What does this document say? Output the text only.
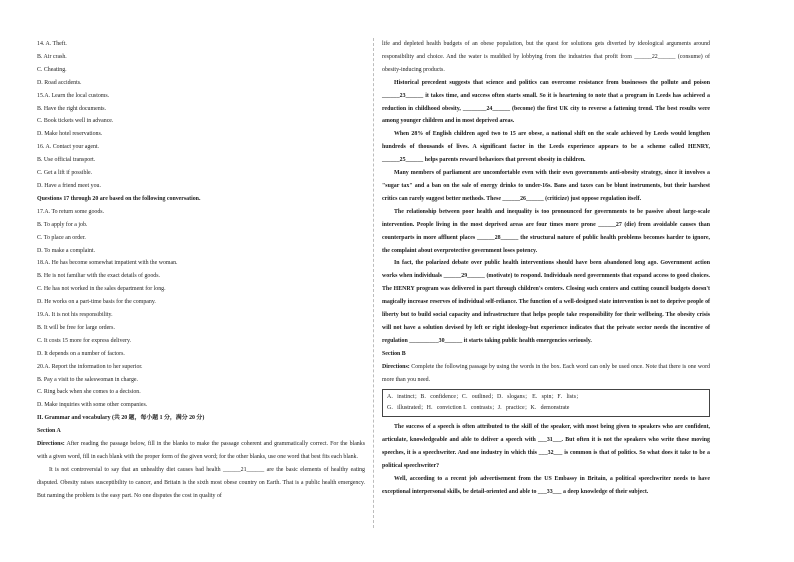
14. A. Theft.
B. Air crash.
C. Cheating.
D. Road accidents.
15.A. Learn the local customs.
B. Have the right documents.
C. Book tickets well in advance.
D. Make hotel reservations.
16. A. Contact your agent.
B. Use official transport.
C. Get a lift if possible.
D. Have a friend meet you.
Questions 17 through 20 are based on the following conversation.
17.A. To return some goods.
B. To apply for a job.
C. To place an order.
D. To make a complaint.
18.A. He has become somewhat impatient with the woman.
B. He is not familiar with the exact details of goods.
C. He has not worked in the sales department for long.
D. He works on a part-time basis for the company.
19.A. It is not his responsibility.
B. It will be free for large orders.
C. It costs 15 more for express delivery.
D. It depends on a number of factors.
20.A. Report the information to her superior.
B. Pay a visit to the saleswoman in charge.
C. Ring back when she comes to a decision.
D. Make inquiries with some other companies.
II. Grammar and vocabulary (共 20 题，每小题 1 分，满分 20 分)
Section A
Directions: After reading the passage below, fill in the blanks to make the passage coherent and grammatically correct. For the blanks with a given word, fill in each blank with the proper form of the given word; for the other blanks, use one word that best fits each blank.
It is not controversial to say that an unhealthy diet causes bad health ______21______ are the basic elements of healthy eating disputed. Obesity raises susceptibility to cancer, and Britain is the sixth most obese country on Earth. That is a public health emergency. But naming the problem is the easy part. No one disputes the cost in quality of
life and depleted health budgets of an obese population, but the quest for solutions gets diverted by ideological arguments around responsibility and choice. And the water is muddied by lobbying from the industries that profit from ______22______ (consume) of obesity-inducing products.
Historical precedent suggests that science and politics can overcome resistance from businesses the pollute and poison ______23______ it takes time, and success often starts small. So it is heartening to note that a program in Leeds has achieved a reduction in childhood obesity, ________24______ (become) the first UK city to reverse a fattening trend. The best results were among younger children and in most deprived areas.
When 28% of English children aged two to 15 are obese, a national shift on the scale achieved by Leeds would lengthen hundreds of thousands of lives. A significant factor in the Leeds experience appears to be a scheme called HENRY, ______25______ helps parents reward behaviors that prevent obesity in children.
Many members of parliament are uncomfortable even with their own governments anti-obesity strategy, since it involves a "sugar tax" and a ban on the sale of energy drinks to under-16s. Bans and taxes can be blunt instruments, but their harshest critics can rarely suggest better methods. These ______26______ (criticize) just oppose regulation itself.
The relationship between poor health and inequality is too pronounced for governments to be passive about large-scale intervention. People living in the most deprived areas are four times more prone ______27 (die) from avoidable causes than counterparts in more affluent places ______28______ the structural nature of public health problems becomes harder to ignore, the complaint about overprotective government loses potency.
In fact, the polarized debate over public health interventions should have been abandoned long ago. Government action works when individuals ______29______ (motivate) to respond. Individuals need governments that expand access to good choices. The HENRY program was delivered in part through children's centers. Closing such centers and cutting council budgets doesn't magically increase reserves of individual self-reliance. The function of a well-designed state intervention is not to deprive people of liberty but to build social capacity and infrastructure that helps people take responsibility for their wellbeing. The obesity crisis will not have a solution devised by left or right ideology-but experience indicates that the private sector needs the incentive of regulation __________30______ it starts taking public health emergencies seriously.
Section B
Directions: Complete the following passage by using the words in the box. Each word can only be used once. Note that there is one word more than you need.
A．instinct；B．confidence；C．outlined；D．slogans； E．spin；F．lists；
G．illustrated；H．conviction I．contrasts；J．practice；K．demonstrate
The success of a speech is often attributed to the skill of the speaker, with most being given to speakers who are confident, articulate, knowledgeable and able to deliver a speech with ___31___. But often it is not the speakers who write these moving speeches, it is a speechwriter. And one industry in which this ___32___ is common is that of politics. So what does it take to be a political speechwriter?
Well, according to a recent job advertisement from the US Embassy in Britain, a political speechwriter needs to have exceptional interpersonal skills, be detail-oriented and able to ___33___ a deep knowledge of their subject.
